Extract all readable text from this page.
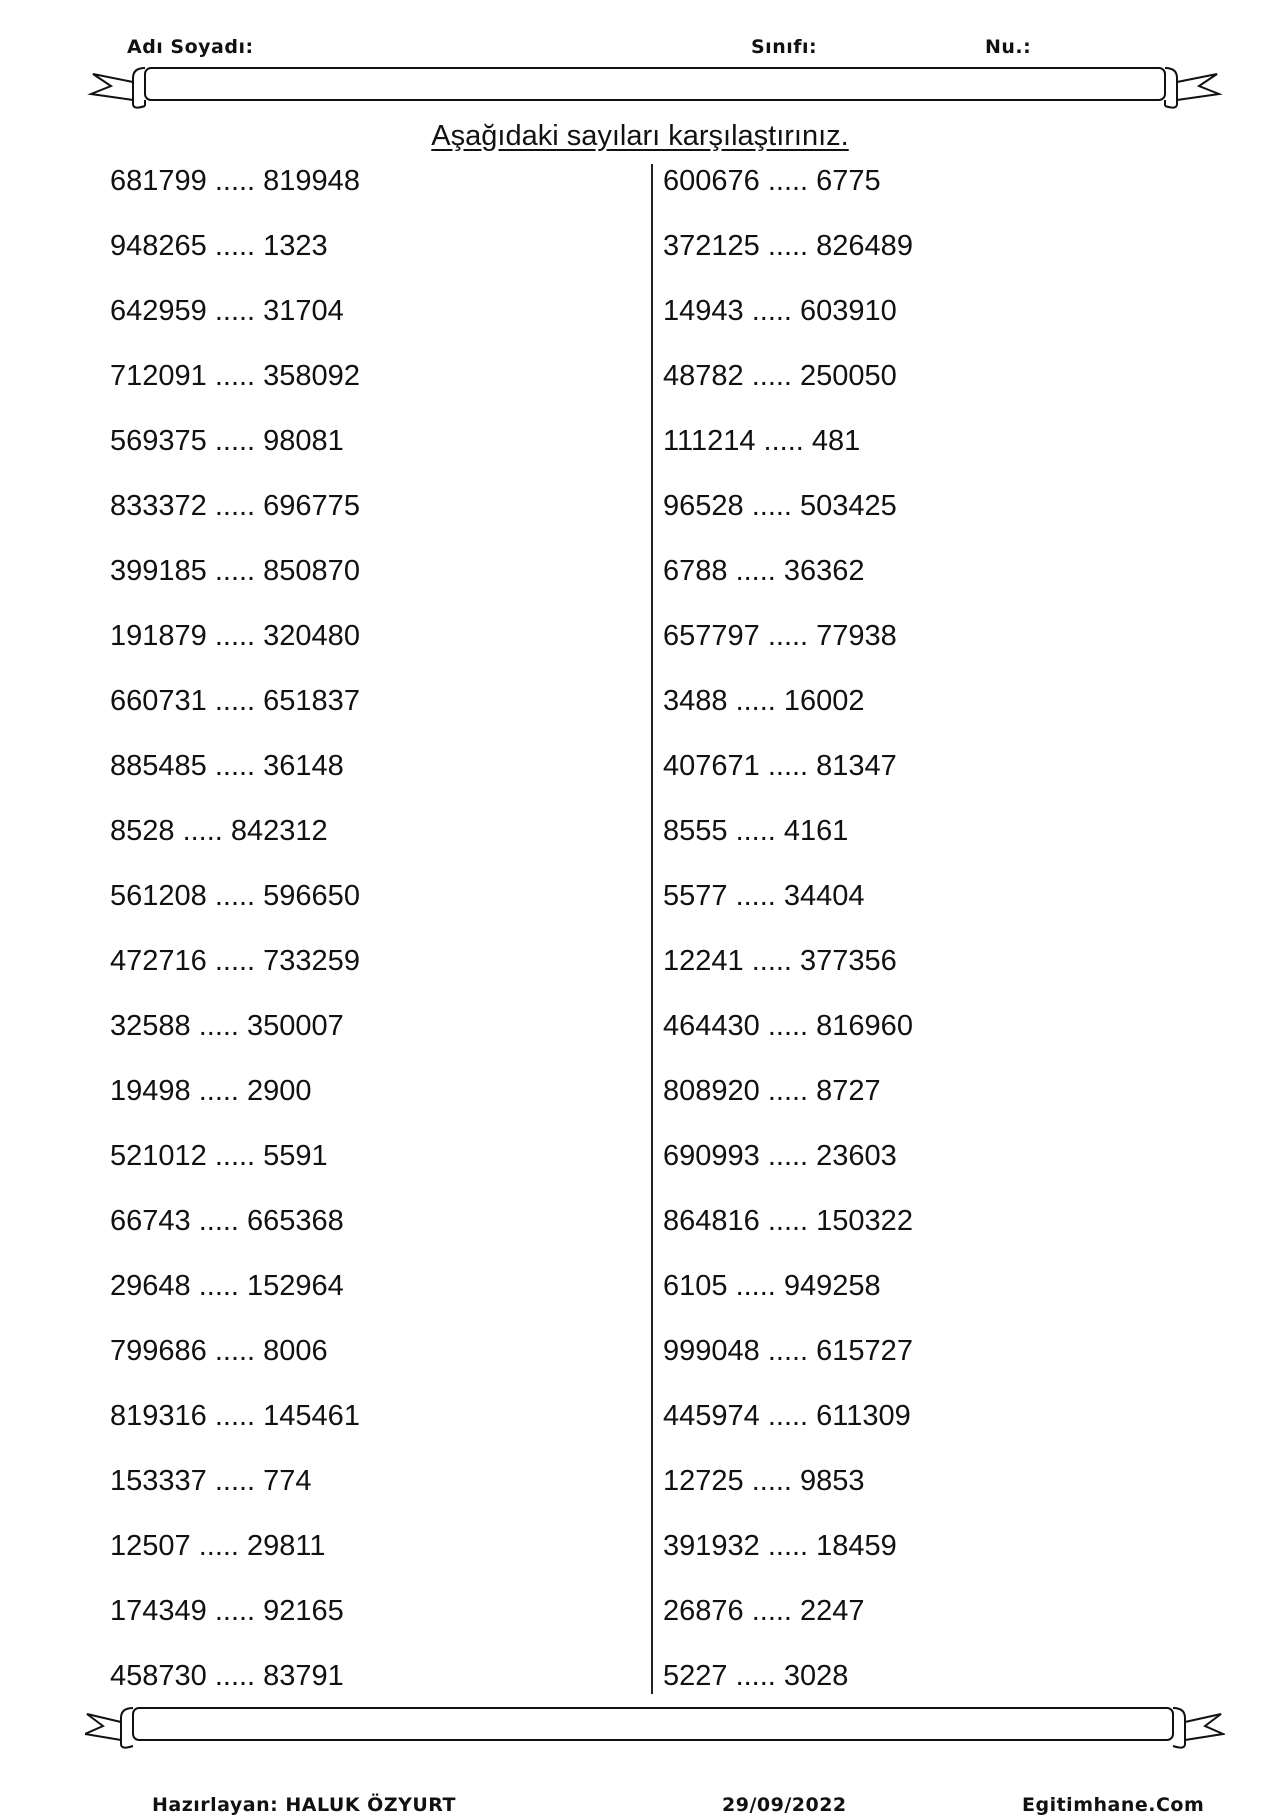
Adı Soyadı:	Sınıfı:	Nu.:
Aşağıdaki sayıları karşılaştırınız.
681799 ..... 819948
948265 ..... 1323
642959 ..... 31704
712091 ..... 358092
569375 ..... 98081
833372 ..... 696775
399185 ..... 850870
191879 ..... 320480
660731 ..... 651837
885485 ..... 36148
8528 ..... 842312
561208 ..... 596650
472716 ..... 733259
32588 ..... 350007
19498 ..... 2900
521012 ..... 5591
66743 ..... 665368
29648 ..... 152964
799686 ..... 8006
819316 ..... 145461
153337 ..... 774
12507 ..... 29811
174349 ..... 92165
458730 ..... 83791
600676 ..... 6775
372125 ..... 826489
14943 ..... 603910
48782 ..... 250050
111214 ..... 481
96528 ..... 503425
6788 ..... 36362
657797 ..... 77938
3488 ..... 16002
407671 ..... 81347
8555 ..... 4161
5577 ..... 34404
12241 ..... 377356
464430 ..... 816960
808920 ..... 8727
690993 ..... 23603
864816 ..... 150322
6105 ..... 949258
999048 ..... 615727
445974 ..... 611309
12725 ..... 9853
391932 ..... 18459
26876 ..... 2247
5227 ..... 3028
Hazırlayan: HALUK ÖZYURT	29/09/2022	Egitimhane.Com
